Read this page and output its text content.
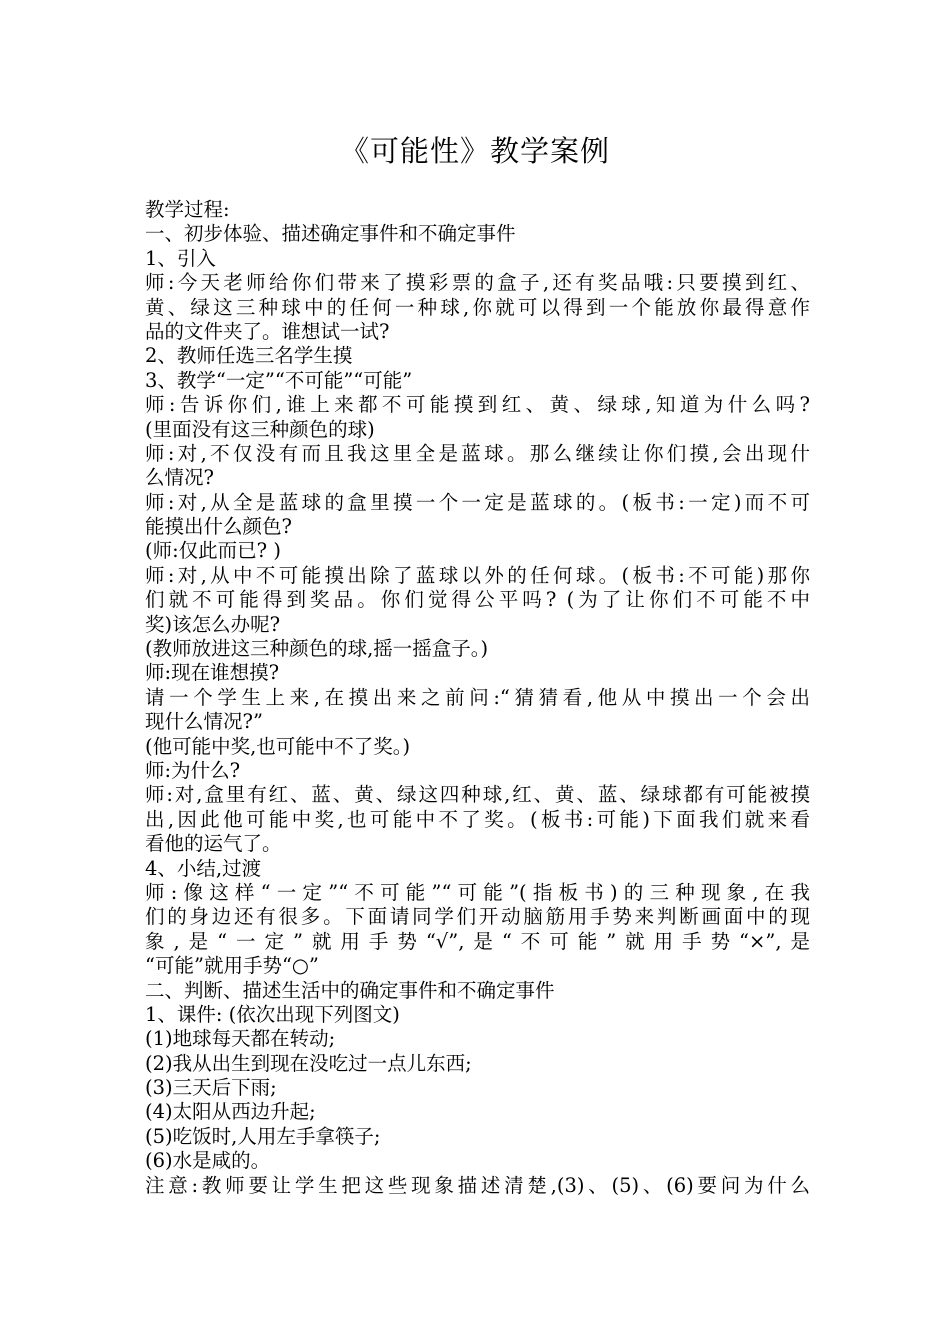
《可能性》教学案例
教学过程:
一、初步体验、描述确定事件和不确定事件
1、引入
师:今天老师给你们带来了摸彩票的盒子,还有奖品哦:只要摸到红、
黄、绿这三种球中的任何一种球,你就可以得到一个能放你最得意作
品的文件夹了。谁想试一试?
2、教师任选三名学生摸
3、教学“一定”“不可能”“可能”
师:告诉你们,谁上来都不可能摸到红、黄、绿球,知道为什么吗?
(里面没有这三种颜色的球)
师:对,不仅没有而且我这里全是蓝球。那么继续让你们摸,会出现什
么情况?
师:对,从全是蓝球的盒里摸一个一定是蓝球的。(板书:一定)而不可
能摸出什么颜色?
(师:仅此而已? )
师:对,从中不可能摸出除了蓝球以外的任何球。(板书:不可能)那你
们就不可能得到奖品。你们觉得公平吗? (为了让你们不可能不中
奖)该怎么办呢?
(教师放进这三种颜色的球,摇一摇盒子。)
师:现在谁想摸?
请一个学生上来,在摸出来之前问:“猜猜看,他从中摸出一个会出
现什么情况?”
(他可能中奖,也可能中不了奖。)
师:为什么?
师:对,盒里有红、蓝、黄、绿这四种球,红、黄、蓝、绿球都有可能被摸
出,因此他可能中奖,也可能中不了奖。(板书:可能)下面我们就来看
看他的运气了。
4、小结,过渡
师:像这样“一定”“不可能”“可能”(指板书)的三种现象,在我
们的身边还有很多。下面请同学们开动脑筋用手势来判断画面中的现
象,是“一定”就用手势“√”,是“不可能”就用手势“×”,是
“可能”就用手势“○”
二、判断、描述生活中的确定事件和不确定事件
1、课件: (依次出现下列图文)
(1)地球每天都在转动;
(2)我从出生到现在没吃过一点儿东西;
(3)三天后下雨;
(4)太阳从西边升起;
(5)吃饭时,人用左手拿筷子;
(6)水是咸的。
注意:教师要让学生把这些现象描述清楚,(3)、(5)、(6)要问为什么
